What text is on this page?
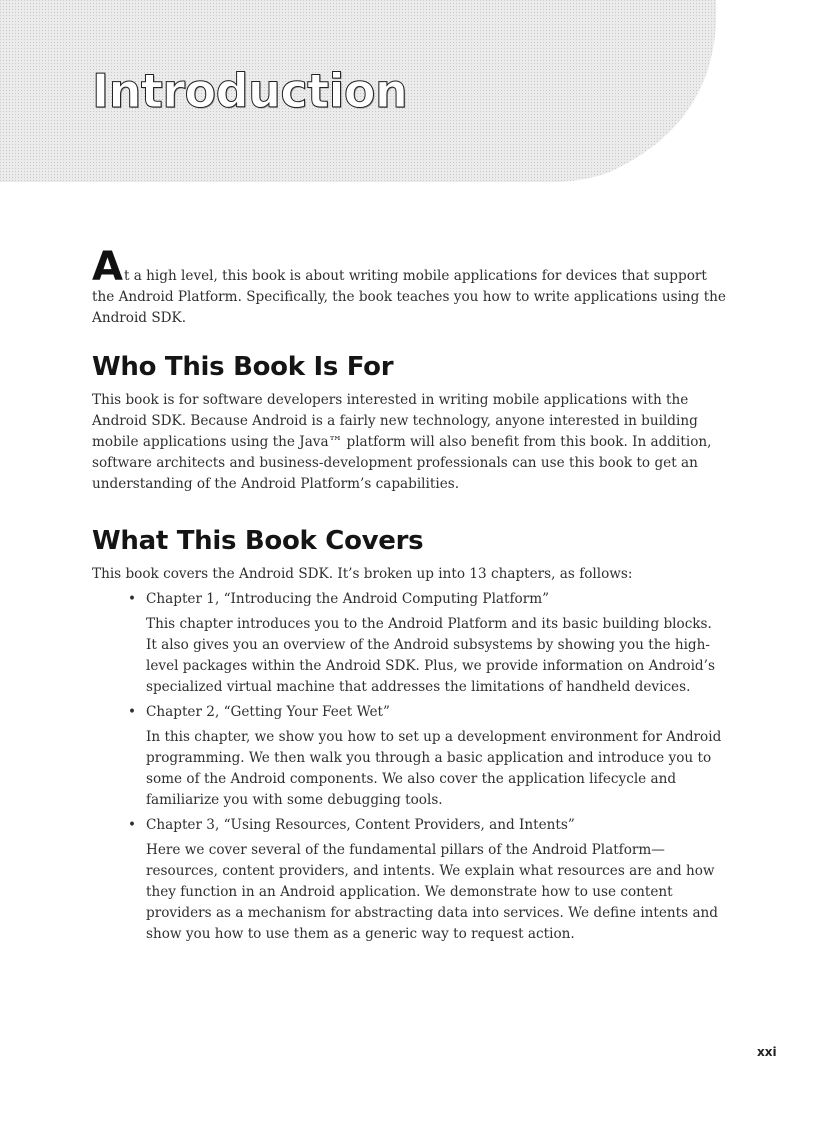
Introduction

At a high level, this book is about writing mobile applications for devices that support the Android Platform. Specifically, the book teaches you how to write applications using the Android SDK.

Who This Book Is For

This book is for software developers interested in writing mobile applications with the Android SDK. Because Android is a fairly new technology, anyone interested in building mobile applications using the Java™ platform will also benefit from this book. In addition, software architects and business-development professionals can use this book to get an understanding of the Android Platform’s capabilities.

What This Book Covers

This book covers the Android SDK. It’s broken up into 13 chapters, as follows:

• Chapter 1, “Introducing the Android Computing Platform”

This chapter introduces you to the Android Platform and its basic building blocks. It also gives you an overview of the Android subsystems by showing you the high-level packages within the Android SDK. Plus, we provide information on Android’s specialized virtual machine that addresses the limitations of handheld devices.

• Chapter 2, “Getting Your Feet Wet”

In this chapter, we show you how to set up a development environment for Android programming. We then walk you through a basic application and introduce you to some of the Android components. We also cover the application lifecycle and familiarize you with some debugging tools.

• Chapter 3, “Using Resources, Content Providers, and Intents”

Here we cover several of the fundamental pillars of the Android Platform—resources, content providers, and intents. We explain what resources are and how they function in an Android application. We demonstrate how to use content providers as a mechanism for abstracting data into services. We define intents and show you how to use them as a generic way to request action.

xxi
